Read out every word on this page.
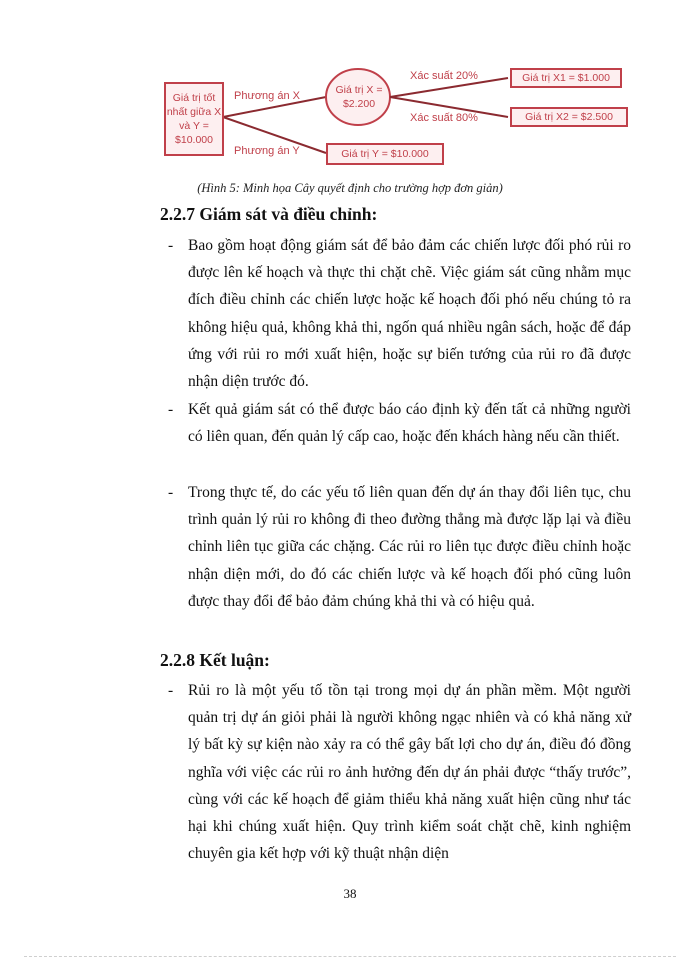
Giá trị tốt nhất giữa X và Y = $10.000
Phương án X
Phương án Y
Giá trị X = $2.200
Xác suất 20%
Xác suất 80%
Giá trị X1 = $1.000
Giá trị X2 = $2.500
Giá trị Y = $10.000
(Hình 5: Minh họa Cây quyết định cho trường hợp đơn giản)
2.2.7 Giám sát và điều chỉnh:
- Bao gồm hoạt động giám sát để bảo đảm các chiến lược đối phó rủi ro được lên kế hoạch và thực thi chặt chẽ. Việc giám sát cũng nhằm mục đích điều chỉnh các chiến lược hoặc kế hoạch đối phó nếu chúng tỏ ra không hiệu quả, không khả thi, ngốn quá nhiều ngân sách, hoặc để đáp ứng với rủi ro mới xuất hiện, hoặc sự biến tướng của rủi ro đã được nhận diện trước đó.
- Kết quả giám sát có thể được báo cáo định kỳ đến tất cả những người có liên quan, đến quản lý cấp cao, hoặc đến khách hàng nếu cần thiết.
- Trong thực tế, do các yếu tố liên quan đến dự án thay đổi liên tục, chu trình quản lý rủi ro không đi theo đường thẳng mà được lặp lại và điều chỉnh liên tục giữa các chặng. Các rủi ro liên tục được điều chỉnh hoặc nhận diện mới, do đó các chiến lược và kế hoạch đối phó cũng luôn được thay đổi để bảo đảm chúng khả thi và có hiệu quả.
2.2.8 Kết luận:
- Rủi ro là một yếu tố tồn tại trong mọi dự án phần mềm. Một người quản trị dự án giỏi phải là người không ngạc nhiên và có khả năng xử lý bất kỳ sự kiện nào xảy ra có thể gây bất lợi cho dự án, điều đó đồng nghĩa với việc các rủi ro ảnh hưởng đến dự án phải được “thấy trước”, cùng với các kế hoạch để giảm thiểu khả năng xuất hiện cũng như tác hại khi chúng xuất hiện. Quy trình kiểm soát chặt chẽ, kinh nghiệm chuyên gia kết hợp với kỹ thuật nhận diện
38
